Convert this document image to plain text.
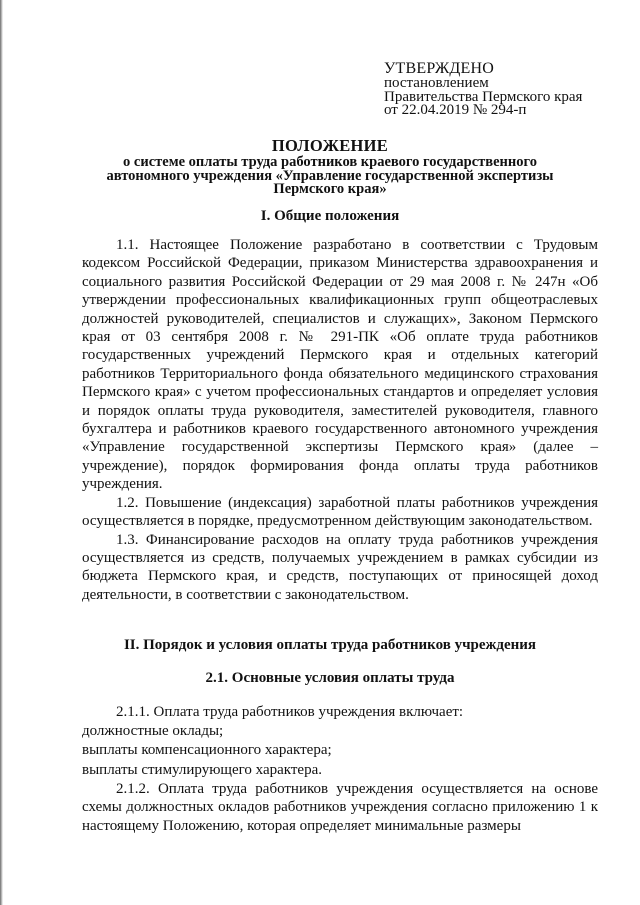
УТВЕРЖДЕНО
постановлением
Правительства Пермского края
от 22.04.2019 № 294-п
ПОЛОЖЕНИЕ
о системе оплаты труда работников краевого государственного
автономного учреждения «Управление государственной экспертизы
Пермского края»
I. Общие положения

1.1. Настоящее Положение разработано в соответствии с Трудовым кодексом Российской Федерации, приказом Министерства здравоохранения и социального развития Российской Федерации от 29 мая 2008 г. № 247н «Об утверждении профессиональных квалификационных групп общеотраслевых должностей руководителей, специалистов и служащих», Законом Пермского края от 03 сентября 2008 г. № 291-ПК «Об оплате труда работников государственных учреждений Пермского края и отдельных категорий работников Территориального фонда обязательного медицинского страхования Пермского края» с учетом профессиональных стандартов и определяет условия и порядок оплаты труда руководителя, заместителей руководителя, главного бухгалтера и работников краевого государственного автономного учреждения «Управление государственной экспертизы Пермского края» (далее – учреждение), порядок формирования фонда оплаты труда работников учреждения.

1.2. Повышение (индексация) заработной платы работников учреждения осуществляется в порядке, предусмотренном действующим законодательством.

1.3. Финансирование расходов на оплату труда работников учреждения осуществляется из средств, получаемых учреждением в рамках субсидии из бюджета Пермского края, и средств, поступающих от приносящей доход деятельности, в соответствии с законодательством.

II. Порядок и условия оплаты труда работников учреждения
2.1. Основные условия оплаты труда
2.1.1. Оплата труда работников учреждения включает:
должностные оклады;
выплаты компенсационного характера;
выплаты стимулирующего характера.

2.1.2. Оплата труда работников учреждения осуществляется на основе схемы должностных окладов работников учреждения согласно приложению 1 к настоящему Положению, которая определяет минимальные размеры
